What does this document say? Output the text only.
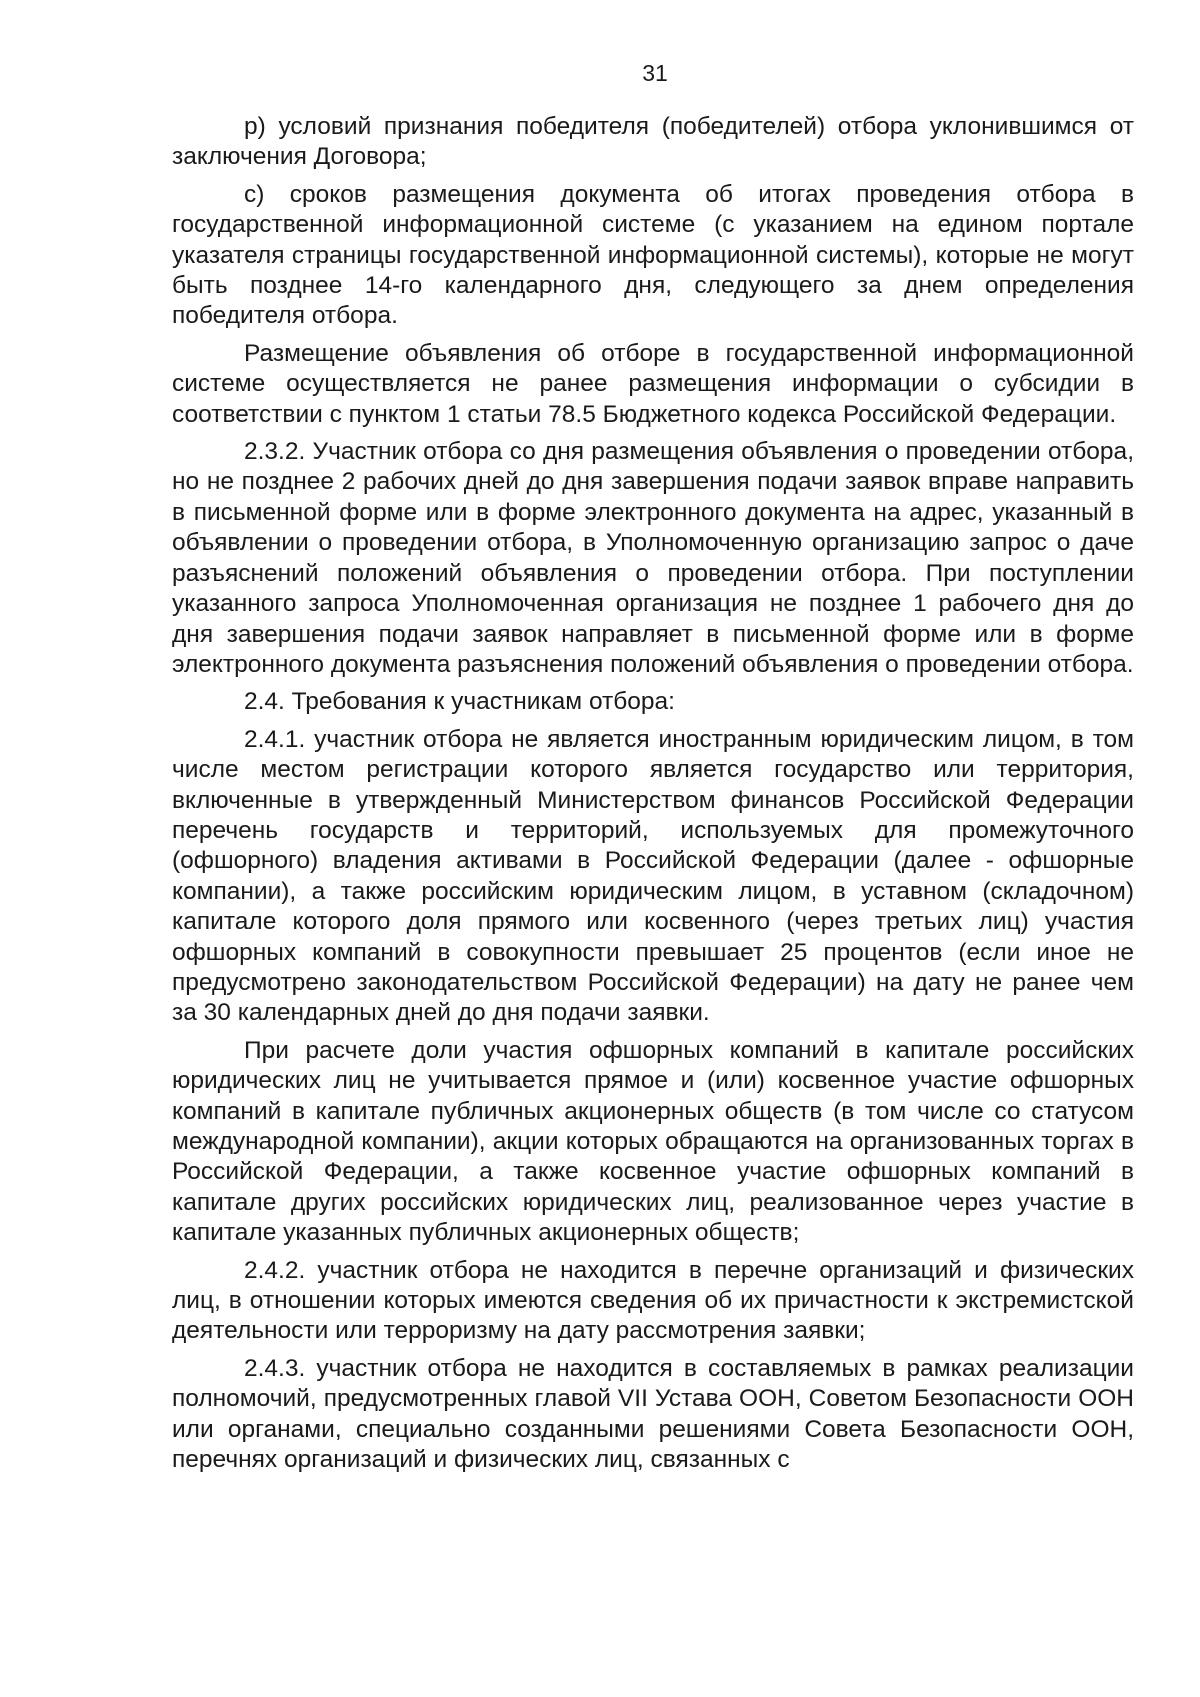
31

р) условий признания победителя (победителей) отбора уклонившимся от заключения Договора;

с) сроков размещения документа об итогах проведения отбора в государственной информационной системе (с указанием на едином портале указателя страницы государственной информационной системы), которые не могут быть позднее 14-го календарного дня, следующего за днем определения победителя отбора.

Размещение объявления об отборе в государственной информационной системе осуществляется не ранее размещения информации о субсидии в соответствии с пунктом 1 статьи 78.5 Бюджетного кодекса Российской Федерации.

2.3.2. Участник отбора со дня размещения объявления о проведении отбора, но не позднее 2 рабочих дней до дня завершения подачи заявок вправе направить в письменной форме или в форме электронного документа на адрес, указанный в объявлении о проведении отбора, в Уполномоченную организацию запрос о даче разъяснений положений объявления о проведении отбора. При поступлении указанного запроса Уполномоченная организация не позднее 1 рабочего дня до дня завершения подачи заявок направляет в письменной форме или в форме электронного документа разъяснения положений объявления о проведении отбора.

2.4. Требования к участникам отбора:

2.4.1. участник отбора не является иностранным юридическим лицом, в том числе местом регистрации которого является государство или территория, включенные в утвержденный Министерством финансов Российской Федерации перечень государств и территорий, используемых для промежуточного (офшорного) владения активами в Российской Федерации (далее - офшорные компании), а также российским юридическим лицом, в уставном (складочном) капитале которого доля прямого или косвенного (через третьих лиц) участия офшорных компаний в совокупности превышает 25 процентов (если иное не предусмотрено законодательством Российской Федерации) на дату не ранее чем за 30 календарных дней до дня подачи заявки.

При расчете доли участия офшорных компаний в капитале российских юридических лиц не учитывается прямое и (или) косвенное участие офшорных компаний в капитале публичных акционерных обществ (в том числе со статусом международной компании), акции которых обращаются на организованных торгах в Российской Федерации, а также косвенное участие офшорных компаний в капитале других российских юридических лиц, реализованное через участие в капитале указанных публичных акционерных обществ;

2.4.2. участник отбора не находится в перечне организаций и физических лиц, в отношении которых имеются сведения об их причастности к экстремистской деятельности или терроризму на дату рассмотрения заявки;

2.4.3. участник отбора не находится в составляемых в рамках реализации полномочий, предусмотренных главой VII Устава ООН, Советом Безопасности ООН или органами, специально созданными решениями Совета Безопасности ООН, перечнях организаций и физических лиц, связанных с
